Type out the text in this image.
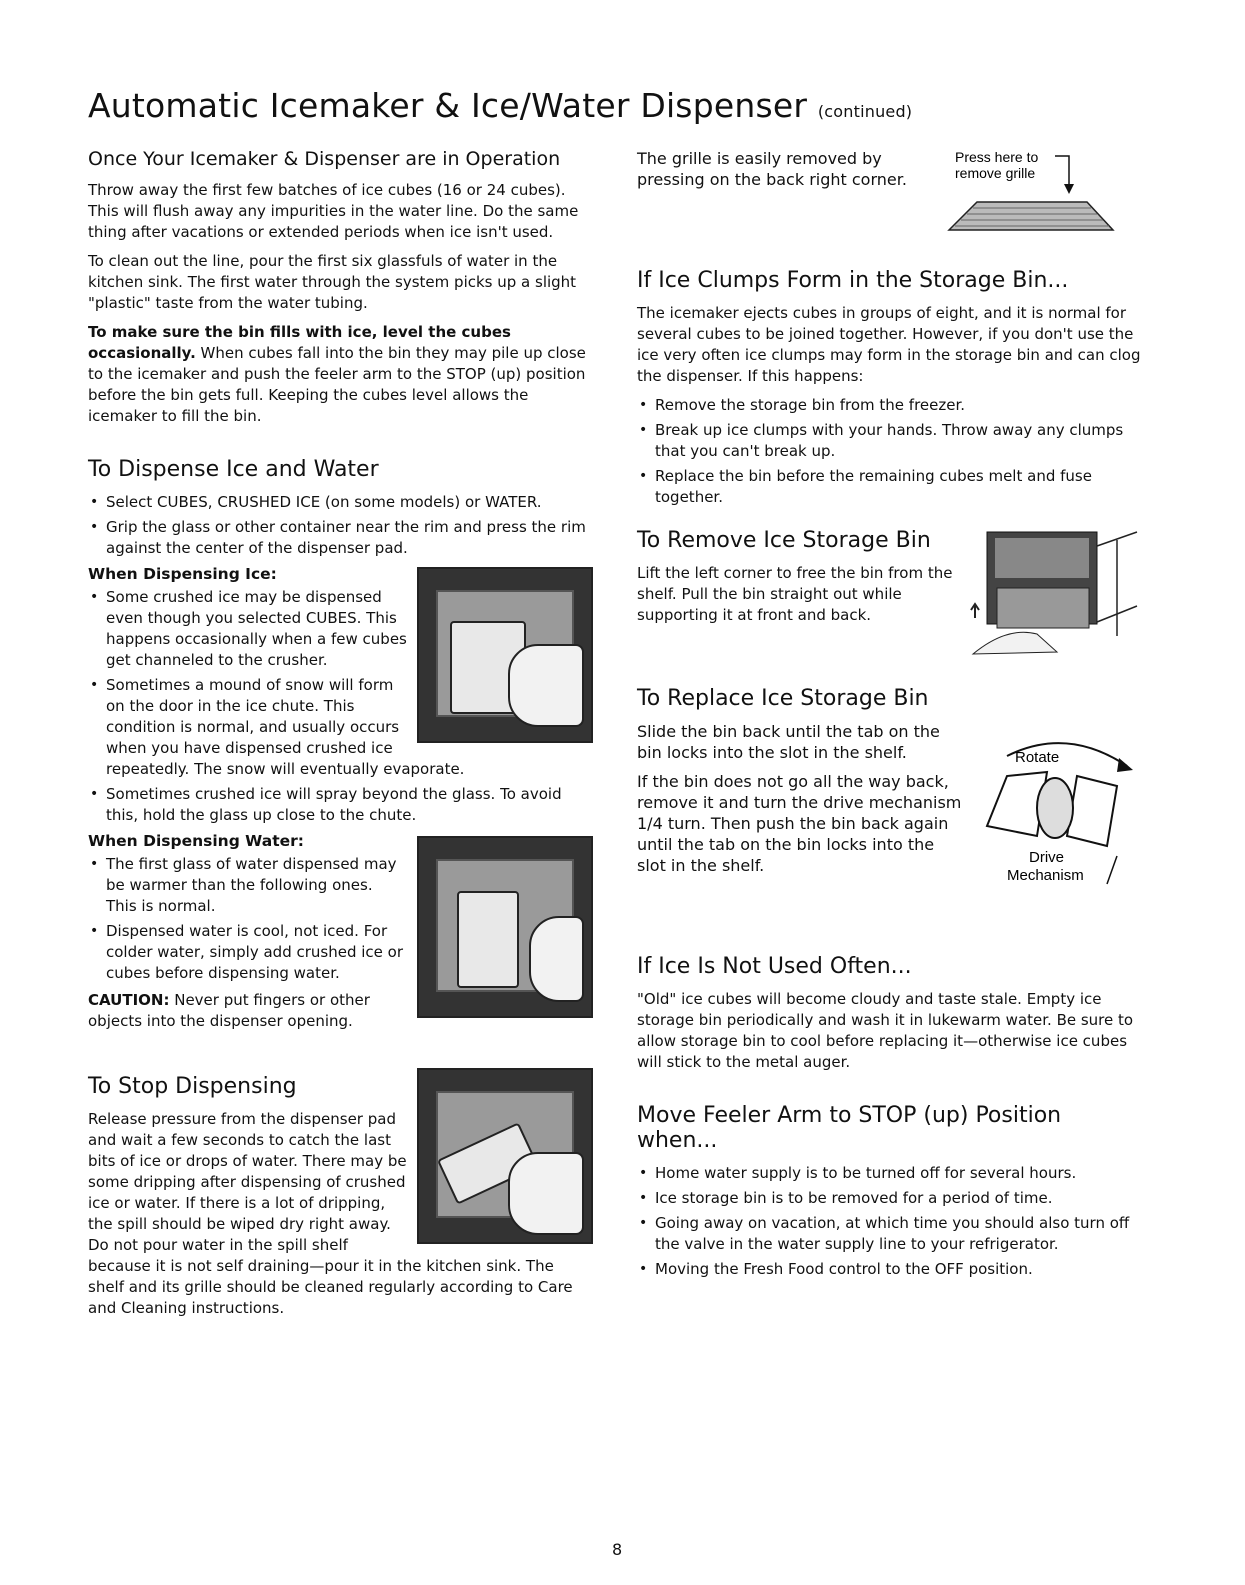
Automatic Icemaker & Ice/Water Dispenser (continued)
Once Your Icemaker & Dispenser are in Operation

Throw away the first few batches of ice cubes (16 or 24 cubes). This will flush away any impurities in the water line. Do the same thing after vacations or extended periods when ice isn't used.

To clean out the line, pour the first six glassfuls of water in the kitchen sink. The first water through the system picks up a slight "plastic" taste from the water tubing.

To make sure the bin fills with ice, level the cubes occasionally. When cubes fall into the bin they may pile up close to the icemaker and push the feeler arm to the STOP (up) position before the bin gets full. Keeping the cubes level allows the icemaker to fill the bin.

To Dispense Ice and Water
• Select CUBES, CRUSHED ICE (on some models) or WATER.
• Grip the glass or other container near the rim and press the rim against the center of the dispenser pad.
When Dispensing Ice:
• Some crushed ice may be dispensed even though you selected CUBES. This happens occasionally when a few cubes get channeled to the crusher.
• Sometimes a mound of snow will form on the door in the ice chute. This condition is normal, and usually occurs when you have dispensed crushed ice repeatedly. The snow will eventually evaporate.
• Sometimes crushed ice will spray beyond the glass. To avoid this, hold the glass up close to the chute.
When Dispensing Water:
• The first glass of water dispensed may be warmer than the following ones. This is normal.
• Dispensed water is cool, not iced. For colder water, simply add crushed ice or cubes before dispensing water.

CAUTION: Never put fingers or other objects into the dispenser opening.

To Stop Dispensing

Release pressure from the dispenser pad and wait a few seconds to catch the last bits of ice or drops of water. There may be some dripping after dispensing of crushed ice or water. If there is a lot of dripping, the spill should be wiped dry right away. Do not pour water in the spill shelf because it is not self draining—pour it in the kitchen sink. The shelf and its grille should be cleaned regularly according to Care and Cleaning instructions.

The grille is easily removed by pressing on the back right corner.

Press here to
remove grille
If Ice Clumps Form in the Storage Bin...

The icemaker ejects cubes in groups of eight, and it is normal for several cubes to be joined together. However, if you don't use the ice very often ice clumps may form in the storage bin and can clog the dispenser. If this happens:

• Remove the storage bin from the freezer.
• Break up ice clumps with your hands. Throw away any clumps that you can't break up.
• Replace the bin before the remaining cubes melt and fuse together.
To Remove Ice Storage Bin

Lift the left corner to free the bin from the shelf. Pull the bin straight out while supporting it at front and back.

Rotate
Drive
Mechanism
To Replace Ice Storage Bin

Slide the bin back until the tab on the bin locks into the slot in the shelf.

If the bin does not go all the way back, remove it and turn the drive mechanism 1/4 turn. Then push the bin back again until the tab on the bin locks into the slot in the shelf.

If Ice Is Not Used Often...

"Old" ice cubes will become cloudy and taste stale. Empty ice storage bin periodically and wash it in lukewarm water. Be sure to allow storage bin to cool before replacing it—otherwise ice cubes will stick to the metal auger.

Move Feeler Arm to STOP (up) Position when...
• Home water supply is to be turned off for several hours.
• Ice storage bin is to be removed for a period of time.
• Going away on vacation, at which time you should also turn off the valve in the water supply line to your refrigerator.
• Moving the Fresh Food control to the OFF position.
8
